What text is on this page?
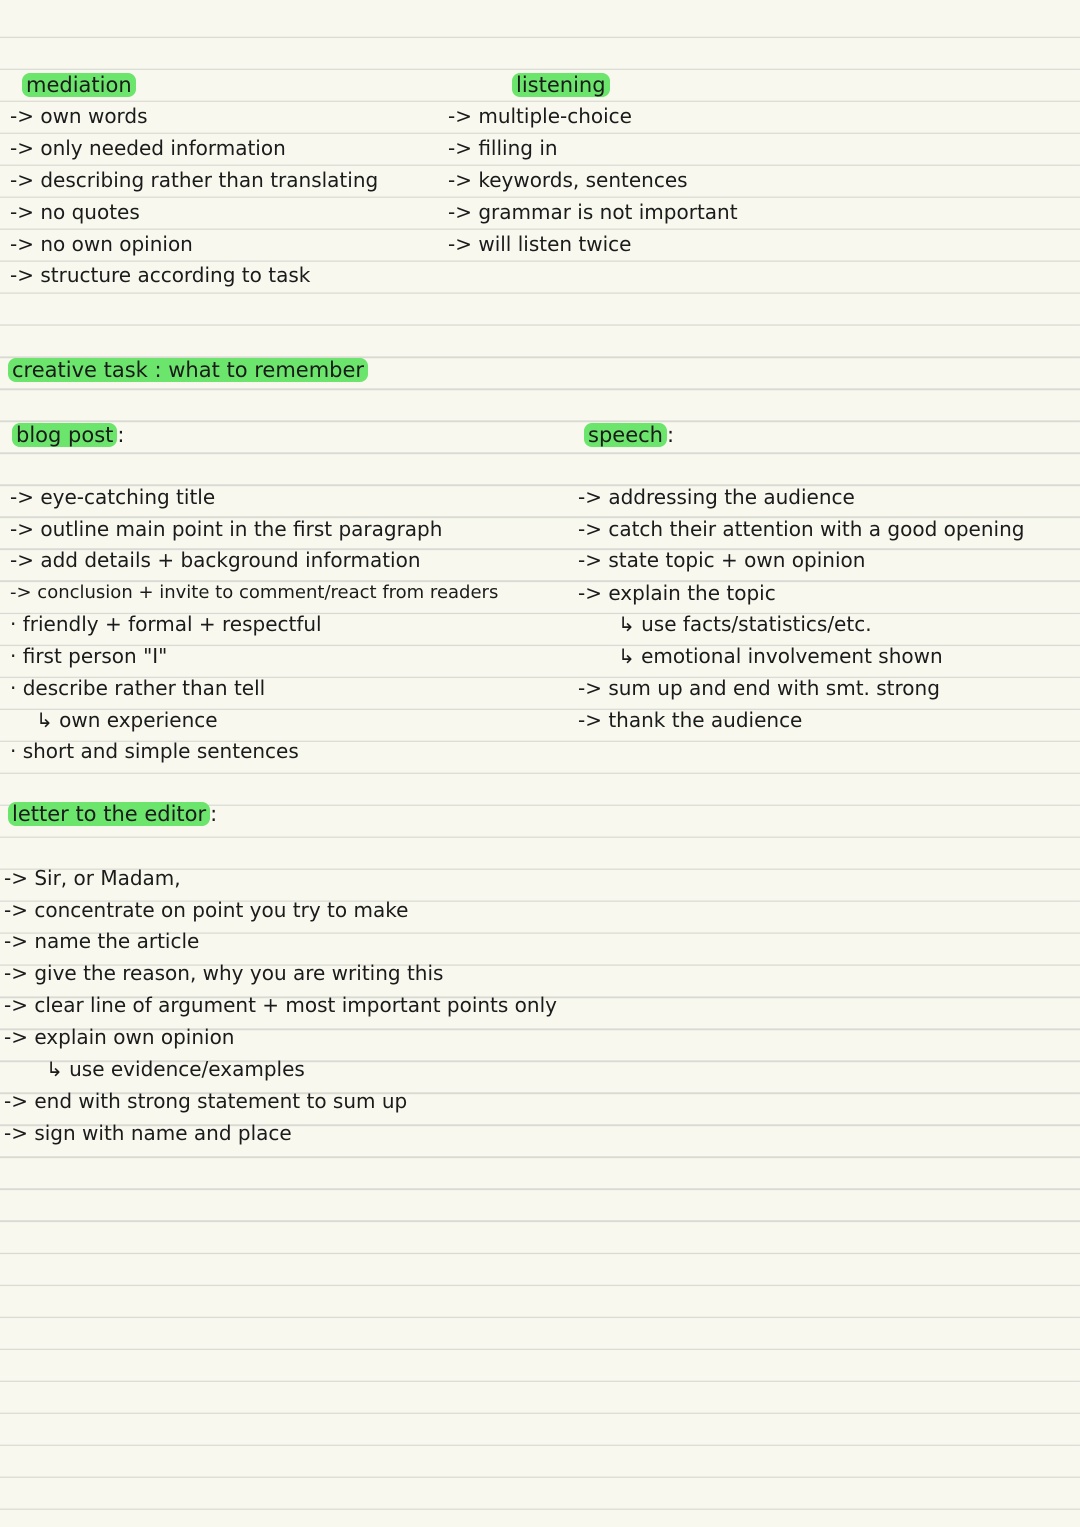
mediation
-> own words
-> only needed information
-> describing rather than translating
-> no quotes
-> no own opinion
-> structure according to task
listening
-> multiple-choice
-> filling in
-> keywords, sentences
-> grammar is not important
-> will listen twice
creative task : what to remember
blog post :
-> eye-catching title
-> outline main point in the first paragraph
-> add details + background information
-> conclusion + invite to comment/react from readers
· friendly + formal + respectful
· first person "I"
· describe rather than tell
↳ own experience
· short and simple sentences
speech :
-> addressing the audience
-> catch their attention with a good opening
-> state topic + own opinion
-> explain the topic
↳ use facts/statistics/etc.
↳ emotional involvement shown
-> sum up and end with smt. strong
-> thank the audience
letter to the editor :
-> Sir, or Madam,
-> concentrate on point you try to make
-> name the article
-> give the reason, why you are writing this
-> clear line of argument + most important points only
-> explain own opinion
↳ use evidence/examples
-> end with strong statement to sum up
-> sign with name and place
